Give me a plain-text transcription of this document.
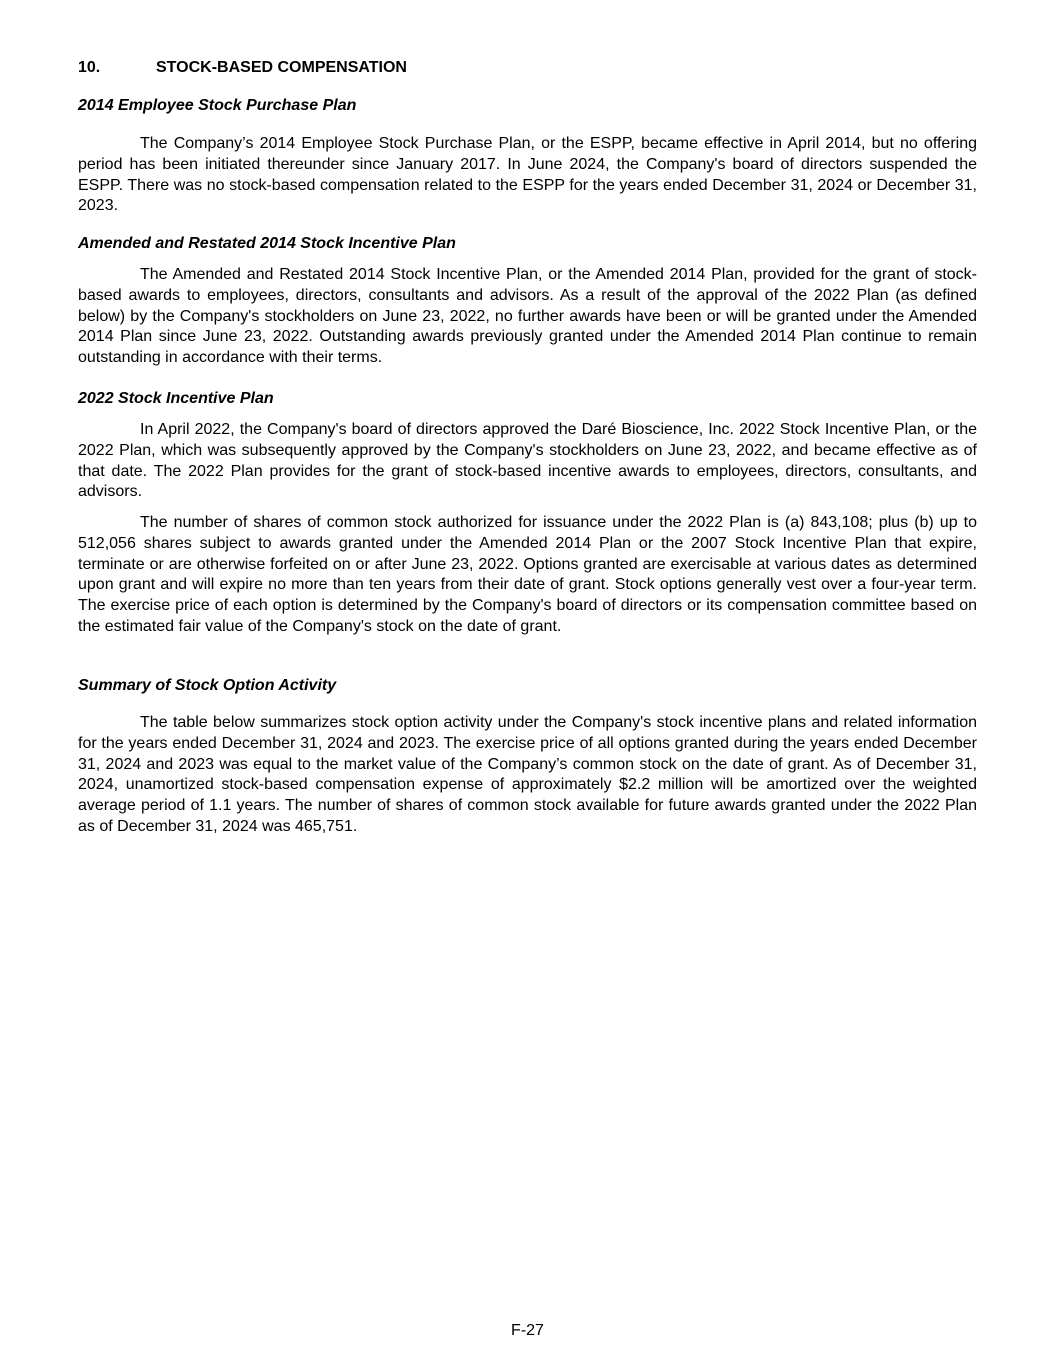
10.	STOCK-BASED COMPENSATION
2014 Employee Stock Purchase Plan
The Company’s 2014 Employee Stock Purchase Plan, or the ESPP, became effective in April 2014, but no offering period has been initiated thereunder since January 2017. In June 2024, the Company's board of directors suspended the ESPP. There was no stock-based compensation related to the ESPP for the years ended December 31, 2024 or December 31, 2023.
Amended and Restated 2014 Stock Incentive Plan
The Amended and Restated 2014 Stock Incentive Plan, or the Amended 2014 Plan, provided for the grant of stock-based awards to employees, directors, consultants and advisors. As a result of the approval of the 2022 Plan (as defined below) by the Company's stockholders on June 23, 2022, no further awards have been or will be granted under the Amended 2014 Plan since June 23, 2022. Outstanding awards previously granted under the Amended 2014 Plan continue to remain outstanding in accordance with their terms.
2022 Stock Incentive Plan
In April 2022, the Company's board of directors approved the Daré Bioscience, Inc. 2022 Stock Incentive Plan, or the 2022 Plan, which was subsequently approved by the Company's stockholders on June 23, 2022, and became effective as of that date. The 2022 Plan provides for the grant of stock-based incentive awards to employees, directors, consultants, and advisors.
The number of shares of common stock authorized for issuance under the 2022 Plan is (a) 843,108; plus (b) up to 512,056 shares subject to awards granted under the Amended 2014 Plan or the 2007 Stock Incentive Plan that expire, terminate or are otherwise forfeited on or after June 23, 2022. Options granted are exercisable at various dates as determined upon grant and will expire no more than ten years from their date of grant. Stock options generally vest over a four-year term. The exercise price of each option is determined by the Company's board of directors or its compensation committee based on the estimated fair value of the Company's stock on the date of grant.
Summary of Stock Option Activity
The table below summarizes stock option activity under the Company's stock incentive plans and related information for the years ended December 31, 2024 and 2023. The exercise price of all options granted during the years ended December 31, 2024 and 2023 was equal to the market value of the Company’s common stock on the date of grant. As of December 31, 2024, unamortized stock-based compensation expense of approximately $2.2 million will be amortized over the weighted average period of 1.1 years. The number of shares of common stock available for future awards granted under the 2022 Plan as of December 31, 2024 was 465,751.
F-27
